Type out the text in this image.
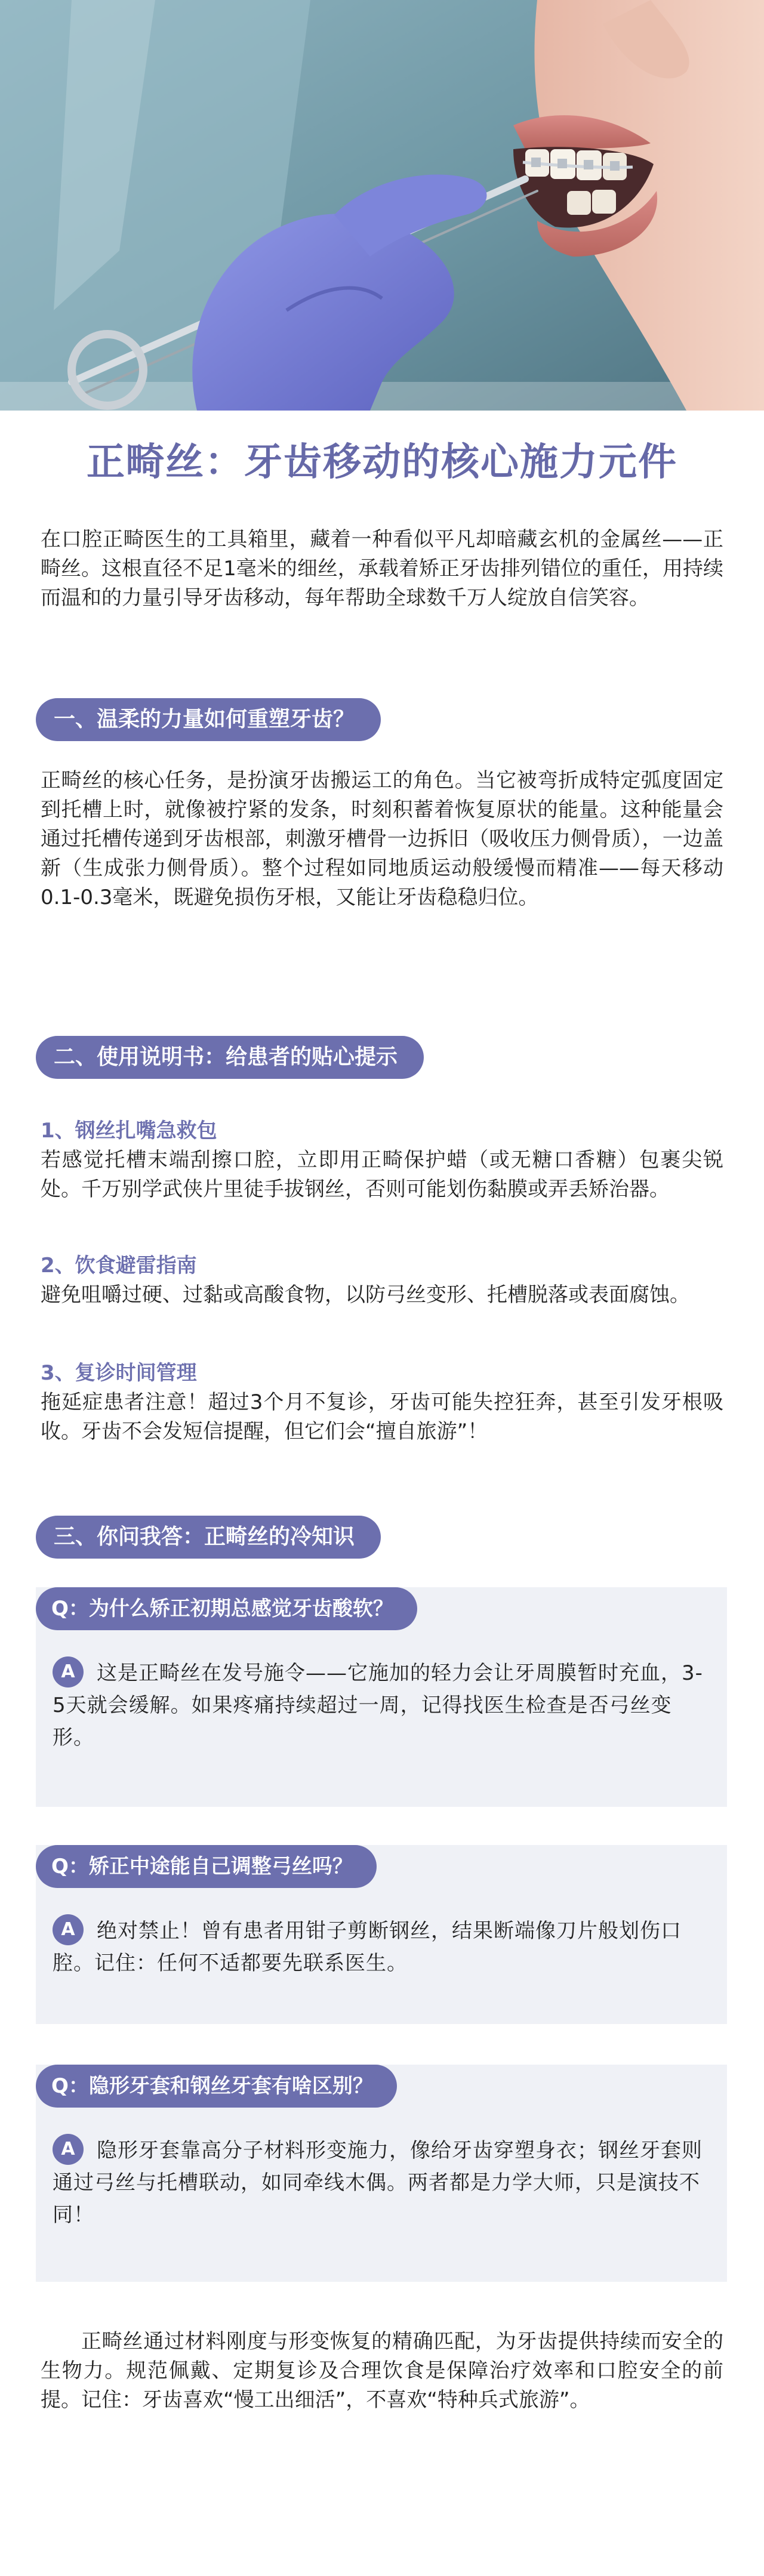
正畸丝：牙齿移动的核心施力元件

在口腔正畸医生的工具箱里，藏着一种看似平凡却暗藏玄机的金属丝——正畸丝。这根直径不足1毫米的细丝，承载着矫正牙齿排列错位的重任，用持续而温和的力量引导牙齿移动，每年帮助全球数千万人绽放自信笑容。

一、温柔的力量如何重塑牙齿？

正畸丝的核心任务，是扮演牙齿搬运工的角色。当它被弯折成特定弧度固定到托槽上时，就像被拧紧的发条，时刻积蓄着恢复原状的能量。这种能量会通过托槽传递到牙齿根部，刺激牙槽骨一边拆旧（吸收压力侧骨质），一边盖新（生成张力侧骨质）。整个过程如同地质运动般缓慢而精准——每天移动0.1-0.3毫米，既避免损伤牙根，又能让牙齿稳稳归位。

二、使用说明书：给患者的贴心提示
1、钢丝扎嘴急救包

若感觉托槽末端刮擦口腔，立即用正畸保护蜡（或无糖口香糖）包裹尖锐处。千万别学武侠片里徒手拔钢丝，否则可能划伤黏膜或弄丢矫治器。

2、饮食避雷指南

避免咀嚼过硬、过黏或高酸食物，以防弓丝变形、托槽脱落或表面腐蚀。

3、复诊时间管理

拖延症患者注意！超过3个月不复诊，牙齿可能失控狂奔，甚至引发牙根吸收。牙齿不会发短信提醒，但它们会“擅自旅游”！

三、你问我答：正畸丝的冷知识
Q：为什么矫正初期总感觉牙齿酸软？

A 这是正畸丝在发号施令——它施加的轻力会让牙周膜暂时充血，3-5天就会缓解。如果疼痛持续超过一周，记得找医生检查是否弓丝变形。

Q：矫正中途能自己调整弓丝吗？

A 绝对禁止！曾有患者用钳子剪断钢丝，结果断端像刀片般划伤口腔。记住：任何不适都要先联系医生。

Q：隐形牙套和钢丝牙套有啥区别？

A 隐形牙套靠高分子材料形变施力，像给牙齿穿塑身衣；钢丝牙套则通过弓丝与托槽联动，如同牵线木偶。两者都是力学大师，只是演技不同！

正畸丝通过材料刚度与形变恢复的精确匹配，为牙齿提供持续而安全的生物力。规范佩戴、定期复诊及合理饮食是保障治疗效率和口腔安全的前提。记住：牙齿喜欢“慢工出细活”，不喜欢“特种兵式旅游”。
